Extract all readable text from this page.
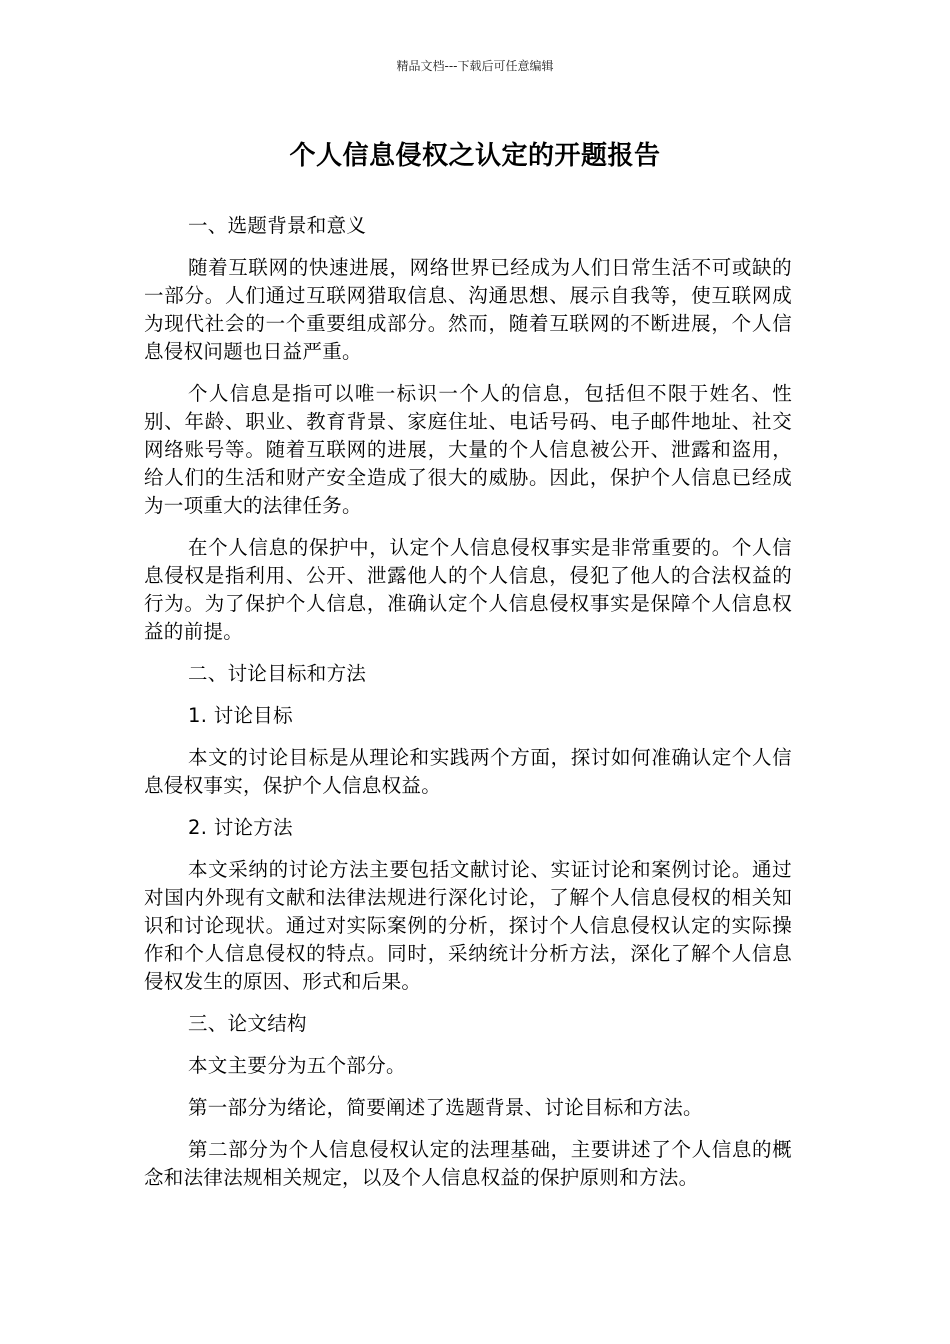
精品文档---下载后可任意编辑
个人信息侵权之认定的开题报告

一、选题背景和意义

随着互联网的快速进展，网络世界已经成为人们日常生活不可或缺的一部分。人们通过互联网猎取信息、沟通思想、展示自我等，使互联网成为现代社会的一个重要组成部分。然而，随着互联网的不断进展，个人信息侵权问题也日益严重。

个人信息是指可以唯一标识一个人的信息，包括但不限于姓名、性别、年龄、职业、教育背景、家庭住址、电话号码、电子邮件地址、社交网络账号等。随着互联网的进展，大量的个人信息被公开、泄露和盗用，给人们的生活和财产安全造成了很大的威胁。因此，保护个人信息已经成为一项重大的法律任务。

在个人信息的保护中，认定个人信息侵权事实是非常重要的。个人信息侵权是指利用、公开、泄露他人的个人信息，侵犯了他人的合法权益的行为。为了保护个人信息，准确认定个人信息侵权事实是保障个人信息权益的前提。

二、讨论目标和方法

1. 讨论目标

本文的讨论目标是从理论和实践两个方面，探讨如何准确认定个人信息侵权事实，保护个人信息权益。

2. 讨论方法

本文采纳的讨论方法主要包括文献讨论、实证讨论和案例讨论。通过对国内外现有文献和法律法规进行深化讨论，了解个人信息侵权的相关知识和讨论现状。通过对实际案例的分析，探讨个人信息侵权认定的实际操作和个人信息侵权的特点。同时，采纳统计分析方法，深化了解个人信息侵权发生的原因、形式和后果。

三、论文结构

本文主要分为五个部分。

第一部分为绪论，简要阐述了选题背景、讨论目标和方法。

第二部分为个人信息侵权认定的法理基础，主要讲述了个人信息的概念和法律法规相关规定，以及个人信息权益的保护原则和方法。
